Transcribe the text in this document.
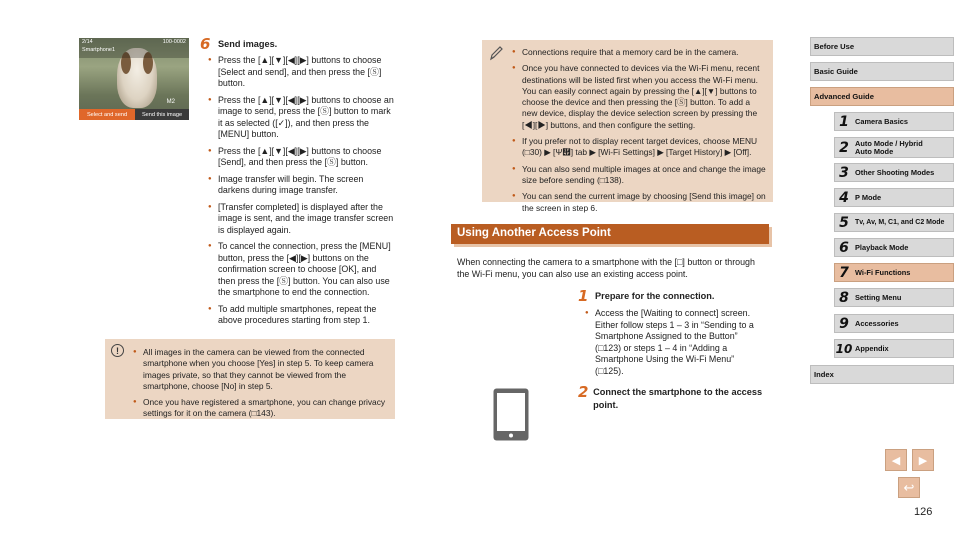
2/14	100-0002
Smartphone1
M2
Select and send	Send this image
6 Send images.
● Press the [▲][▼][◀][▶] buttons to choose [Select and send], and then press the [Ⓢ] button.
● Press the [▲][▼][◀][▶] buttons to choose an image to send, press the [Ⓢ] button to mark it as selected ([✓]), and then press the [MENU] button.
● Press the [▲][▼][◀][▶] buttons to choose [Send], and then press the [Ⓢ] button.
● Image transfer will begin. The screen darkens during image transfer.
● [Transfer completed] is displayed after the image is sent, and the image transfer screen is displayed again.
● To cancel the connection, press the [MENU] button, press the [◀][▶] buttons on the confirmation screen to choose [OK], and then press the [Ⓢ] button. You can also use the smartphone to end the connection.
● To add multiple smartphones, repeat the above procedures starting from step 1.
!
●	All images in the camera can be viewed from the connected smartphone when you choose [Yes] in step 5. To keep camera images private, so that they cannot be viewed from the smartphone, choose [No] in step 5.
● Once you have registered a smartphone, you can change privacy settings for it on the camera (□143).
● Connections require that a memory card be in the camera.
● Once you have connected to devices via the Wi-Fi menu, recent destinations will be listed first when you access the Wi-Fi menu. You can easily connect again by pressing the [▲][▼] buttons to choose the device and then pressing the [Ⓢ] button. To add a new device, display the device selection screen by pressing the [◀][▶] buttons, and then configure the setting.
● If you prefer not to display recent target devices, choose MENU (□30) ▶ [Ψ὏] tab ▶ [Wi-Fi Settings] ▶ [Target History] ▶ [Off].
● You can also send multiple images at once and change the image size before sending (□138).
● You can send the current image by choosing [Send this image] on the screen in step 6.
Using Another Access Point
When connecting the camera to a smartphone with the [□] button or through the Wi-Fi menu, you can also use an existing access point.
1 Prepare for the connection.
● Access the [Waiting to connect] screen. Either follow steps 1 – 3 in “Sending to a Smartphone Assigned to the Button” (□123) or steps 1 – 4 in “Adding a Smartphone Using the Wi-Fi Menu” (□125).
2 Connect the smartphone to the access point.
Before Use
Basic Guide
Advanced Guide
1 Camera Basics
2 Auto Mode / Hybrid Auto Mode
3 Other Shooting Modes
4 P Mode
5 Tv, Av, M, C1, and C2 Mode
6 Playback Mode
7 Wi-Fi Functions
8 Setting Menu
9 Accessories
10 Appendix
Index
◀ ▶
↩
126
